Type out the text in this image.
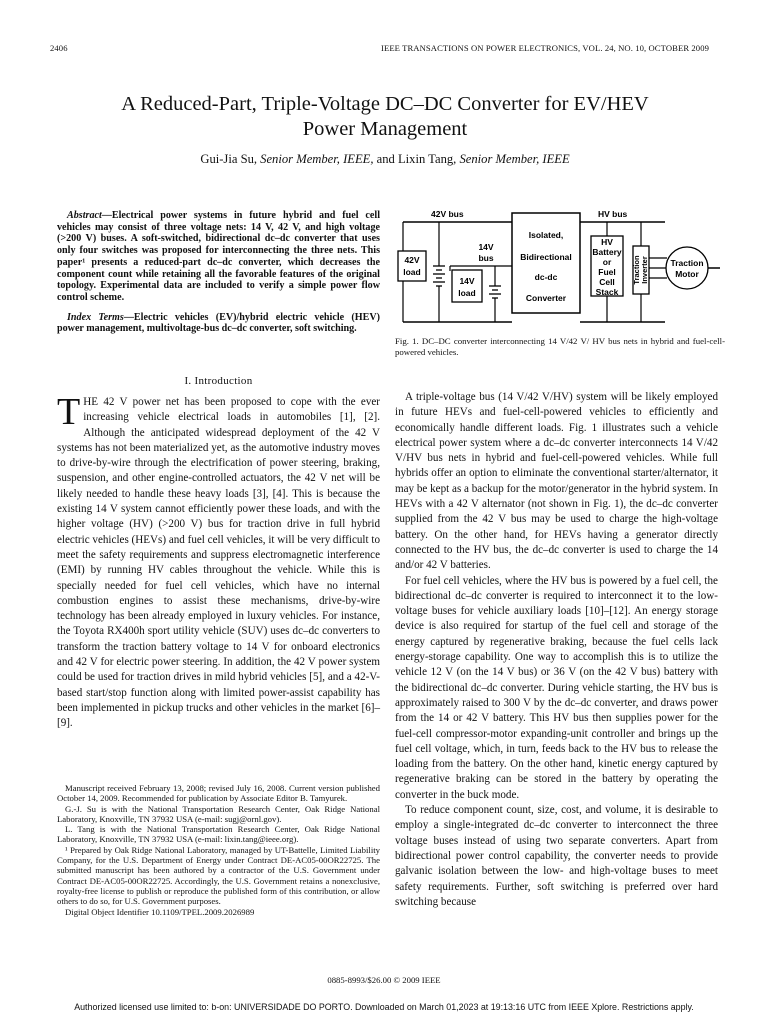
2406	IEEE TRANSACTIONS ON POWER ELECTRONICS, VOL. 24, NO. 10, OCTOBER 2009
A Reduced-Part, Triple-Voltage DC–DC Converter for EV/HEV
Power Management
Gui-Jia Su, Senior Member, IEEE, and Lixin Tang, Senior Member, IEEE

Abstract—Electrical power systems in future hybrid and fuel cell vehicles may consist of three voltage nets: 14 V, 42 V, and high voltage (>200 V) buses. A soft-switched, bidirectional dc–dc converter that uses only four switches was proposed for interconnecting the three nets. This paper¹ presents a reduced-part dc–dc converter, which decreases the component count while retaining all the favorable features of the original topology. Experimental data are included to verify a simple power flow control scheme.

Index Terms—Electric vehicles (EV)/hybrid electric vehicle (HEV) power management, multivoltage-bus dc–dc converter, soft switching.

I. Introduction

THE 42 V power net has been proposed to cope with the ever increasing vehicle electrical loads in automobiles [1], [2]. Although the anticipated widespread deployment of the 42 V systems has not been materialized yet, as the automotive industry moves to drive-by-wire through the electrification of power steering, braking, suspension, and other engine-controlled actuators, the 42 V net will be likely needed to handle these heavy loads [3], [4]. This is because the existing 14 V system cannot efficiently power these loads, and with the higher voltage (HV) (>200 V) bus for traction drive in full hybrid electric vehicles (HEVs) and fuel cell vehicles, it will be very difficult to meet the safety requirements and suppress electromagnetic interference (EMI) by running HV cables throughout the vehicle. While this is specially needed for fuel cell vehicles, which have no internal combustion engines to assist these mechanisms, drive-by-wire technology has been already employed in luxury vehicles. For instance, the Toyota RX400h sport utility vehicle (SUV) uses dc–dc converters to transform the traction battery voltage to 14 V for onboard electronics and 42 V for electric power steering. In addition, the 42 V power system could be used for traction drives in mild hybrid vehicles [5], and a 42-V-based start/stop function along with limited power-assist capability has been implemented in pickup trucks and other vehicles in the market [6]–[9].

Manuscript received February 13, 2008; revised July 16, 2008. Current version published October 14, 2009. Recommended for publication by Associate Editor B. Tamyurek.

G.-J. Su is with the National Transportation Research Center, Oak Ridge National Laboratory, Knoxville, TN 37932 USA (e-mail: sugj@ornl.gov).

L. Tang is with the National Transportation Research Center, Oak Ridge National Laboratory, Knoxville, TN 37932 USA (e-mail: lixin.tang@ieee.org).

¹ Prepared by Oak Ridge National Laboratory, managed by UT-Battelle, Limited Liability Company, for the U.S. Department of Energy under Contract DE-AC05-00OR22725. The submitted manuscript has been authored by a contractor of the U.S. Government under Contract DE-AC05-00OR22725. Accordingly, the U.S. Government retains a nonexclusive, royalty-free license to publish or reproduce the published form of this contribution, or allow others to do so, for U.S. Government purposes.

Digital Object Identifier 10.1109/TPEL.2009.2026989

42V bus	HV bus
42V
load
14V
bus
14V
load
Isolated,
Bidirectional
dc-dc
Converter
HV
Battery
or
Fuel
Cell
Stack
Traction Inverter	Traction
Motor
Fig. 1. DC–DC converter interconnecting 14 V/42 V/ HV bus nets in hybrid and fuel-cell-powered vehicles.

A triple-voltage bus (14 V/42 V/HV) system will be likely employed in future HEVs and fuel-cell-powered vehicles to efficiently and economically handle different loads. Fig. 1 illustrates such a vehicle electrical power system where a dc–dc converter interconnects 14 V/42 V/HV bus nets in hybrid and fuel-cell-powered vehicles. While full hybrids offer an option to eliminate the conventional starter/alternator, it may be kept as a backup for the motor/generator in the hybrid system. In HEVs with a 42 V alternator (not shown in Fig. 1), the dc–dc converter supplied from the 42 V bus may be used to charge the high-voltage battery. On the other hand, for HEVs having a generator directly connected to the HV bus, the dc–dc converter is used to charge the 14 and/or 42 V batteries.

For fuel cell vehicles, where the HV bus is powered by a fuel cell, the bidirectional dc–dc converter is required to interconnect it to the low-voltage buses for vehicle auxiliary loads [10]–[12]. An energy storage device is also required for startup of the fuel cell and storage of the energy captured by regenerative braking, because the fuel cells lack energy-storage capability. One way to accomplish this is to utilize the vehicle 12 V (on the 14 V bus) or 36 V (on the 42 V bus) battery with the bidirectional dc–dc converter. During vehicle starting, the HV bus is approximately raised to 300 V by the dc–dc converter, and draws power from the 14 or 42 V battery. This HV bus then supplies power for the fuel-cell compressor-motor expanding-unit controller and brings up the fuel cell voltage, which, in turn, feeds back to the HV bus to release the loading from the battery. On the other hand, kinetic energy captured by regenerative braking can be stored in the battery by operating the converter in the buck mode.

To reduce component count, size, cost, and volume, it is desirable to employ a single-integrated dc–dc converter to interconnect the three voltage buses instead of using two separate converters. Apart from bidirectional power control capability, the converter needs to provide galvanic isolation between the low- and high-voltage buses to meet safety requirements. Further, soft switching is preferred over hard switching because

0885-8993/$26.00 © 2009 IEEE
Authorized licensed use limited to: b-on: UNIVERSIDADE DO PORTO. Downloaded on March 01,2023 at 19:13:16 UTC from IEEE Xplore. Restrictions apply.
